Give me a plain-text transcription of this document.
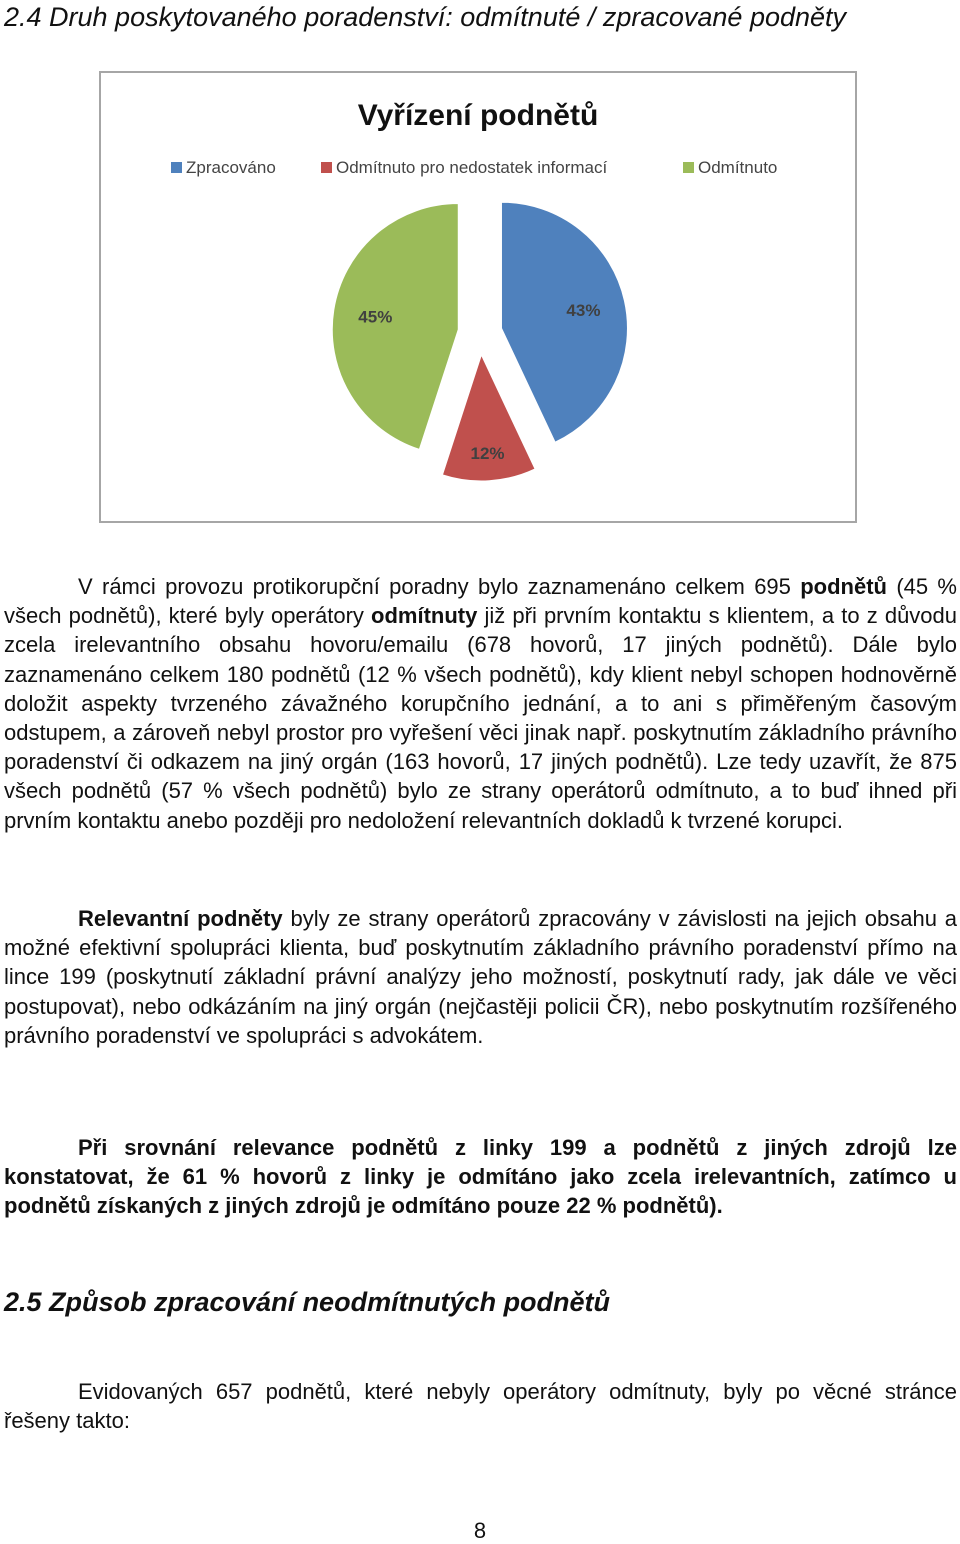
2.4 Druh poskytovaného poradenství: odmítnuté / zpracované podněty
Vyřízení podnětů
Zpracováno	Odmítnuto pro nedostatek informací	Odmítnuto
43%
12%
45%

V rámci provozu protikorupční poradny bylo zaznamenáno celkem 695 podnětů (45 % všech podnětů), které byly operátory odmítnuty již při prvním kontaktu s klientem, a to z důvodu zcela irelevantního obsahu hovoru/emailu (678 hovorů, 17 jiných podnětů). Dále bylo zaznamenáno celkem 180 podnětů (12 % všech podnětů), kdy klient nebyl schopen hodnověrně doložit aspekty tvrzeného závažného korupčního jednání, a to ani s přiměřeným časovým odstupem, a zároveň nebyl prostor pro vyřešení věci jinak např. poskytnutím základního právního poradenství či odkazem na jiný orgán (163 hovorů, 17 jiných podnětů). Lze tedy uzavřít, že 875 všech podnětů (57 % všech podnětů) bylo ze strany operátorů odmítnuto, a to buď ihned při prvním kontaktu anebo později pro nedoložení relevantních dokladů k tvrzené korupci.

Relevantní podněty byly ze strany operátorů zpracovány v závislosti na jejich obsahu a možné efektivní spolupráci klienta, buď poskytnutím základního právního poradenství přímo na lince 199 (poskytnutí základní právní analýzy jeho možností, poskytnutí rady, jak dále ve věci postupovat), nebo odkázáním na jiný orgán (nejčastěji policii ČR), nebo poskytnutím rozšířeného právního poradenství ve spolupráci s advokátem.

Při srovnání relevance podnětů z linky 199 a podnětů z jiných zdrojů lze konstatovat, že 61 % hovorů z linky je odmítáno jako zcela irelevantních, zatímco u podnětů získaných z jiných zdrojů je odmítáno pouze 22 % podnětů).

2.5 Způsob zpracování neodmítnutých podnětů

Evidovaných 657 podnětů, které nebyly operátory odmítnuty, byly po věcné stránce řešeny takto:

8
